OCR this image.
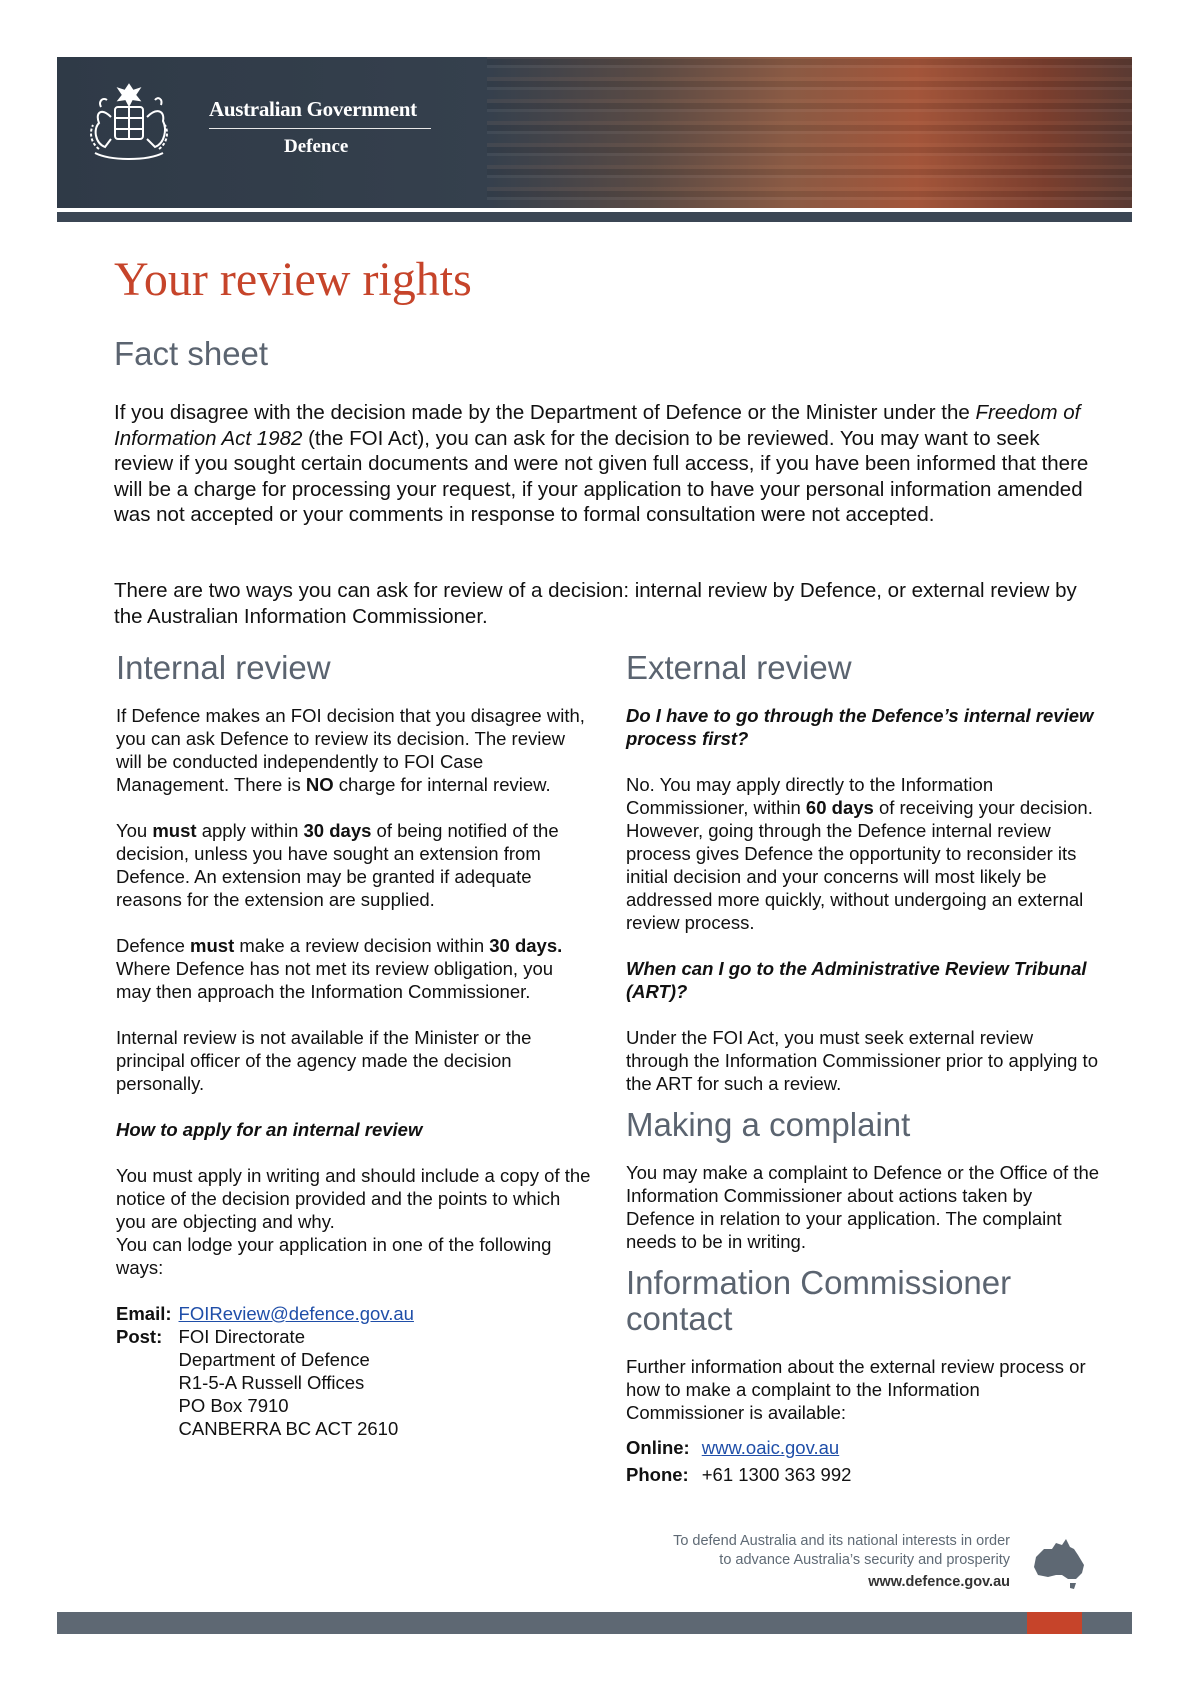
Australian Government
Defence
Your review rights
Fact sheet

If you disagree with the decision made by the Department of Defence or the Minister under the Freedom of Information Act 1982 (the FOI Act), you can ask for the decision to be reviewed. You may want to seek review if you sought certain documents and were not given full access, if you have been informed that there will be a charge for processing your request, if your application to have your personal information amended was not accepted or your comments in response to formal consultation were not accepted.

There are two ways you can ask for review of a decision: internal review by Defence, or external review by the Australian Information Commissioner.

Internal review

If Defence makes an FOI decision that you disagree with, you can ask Defence to review its decision. The review will be conducted independently to FOI Case Management. There is NO charge for internal review.

You must apply within 30 days of being notified of the decision, unless you have sought an extension from Defence. An extension may be granted if adequate reasons for the extension are supplied.

Defence must make a review decision within 30 days. Where Defence has not met its review obligation, you may then approach the Information Commissioner.

Internal review is not available if the Minister or the principal officer of the agency made the decision personally.

How to apply for an internal review

You must apply in writing and should include a copy of the notice of the decision provided and the points to which you are objecting and why.

You can lodge your application in one of the following ways:

Email:	FOIReview@defence.gov.au
Post:	FOI Directorate
Department of Defence
R1-5-A Russell Offices
PO Box 7910
CANBERRA BC ACT 2610
External review

Do I have to go through the Defence’s internal review process first?

No. You may apply directly to the Information Commissioner, within 60 days of receiving your decision. However, going through the Defence internal review process gives Defence the opportunity to reconsider its initial decision and your concerns will most likely be addressed more quickly, without undergoing an external review process.

When can I go to the Administrative Review Tribunal (ART)?

Under the FOI Act, you must seek external review through the Information Commissioner prior to applying to the ART for such a review.

Making a complaint

You may make a complaint to Defence or the Office of the Information Commissioner about actions taken by Defence in relation to your application. The complaint needs to be in writing.

Information Commissioner contact

Further information about the external review process or how to make a complaint to the Information Commissioner is available:

Online:	www.oaic.gov.au
Phone:	+61 1300 363 992
To defend Australia and its national interests in order
to advance Australia’s security and prosperity
www.defence.gov.au
